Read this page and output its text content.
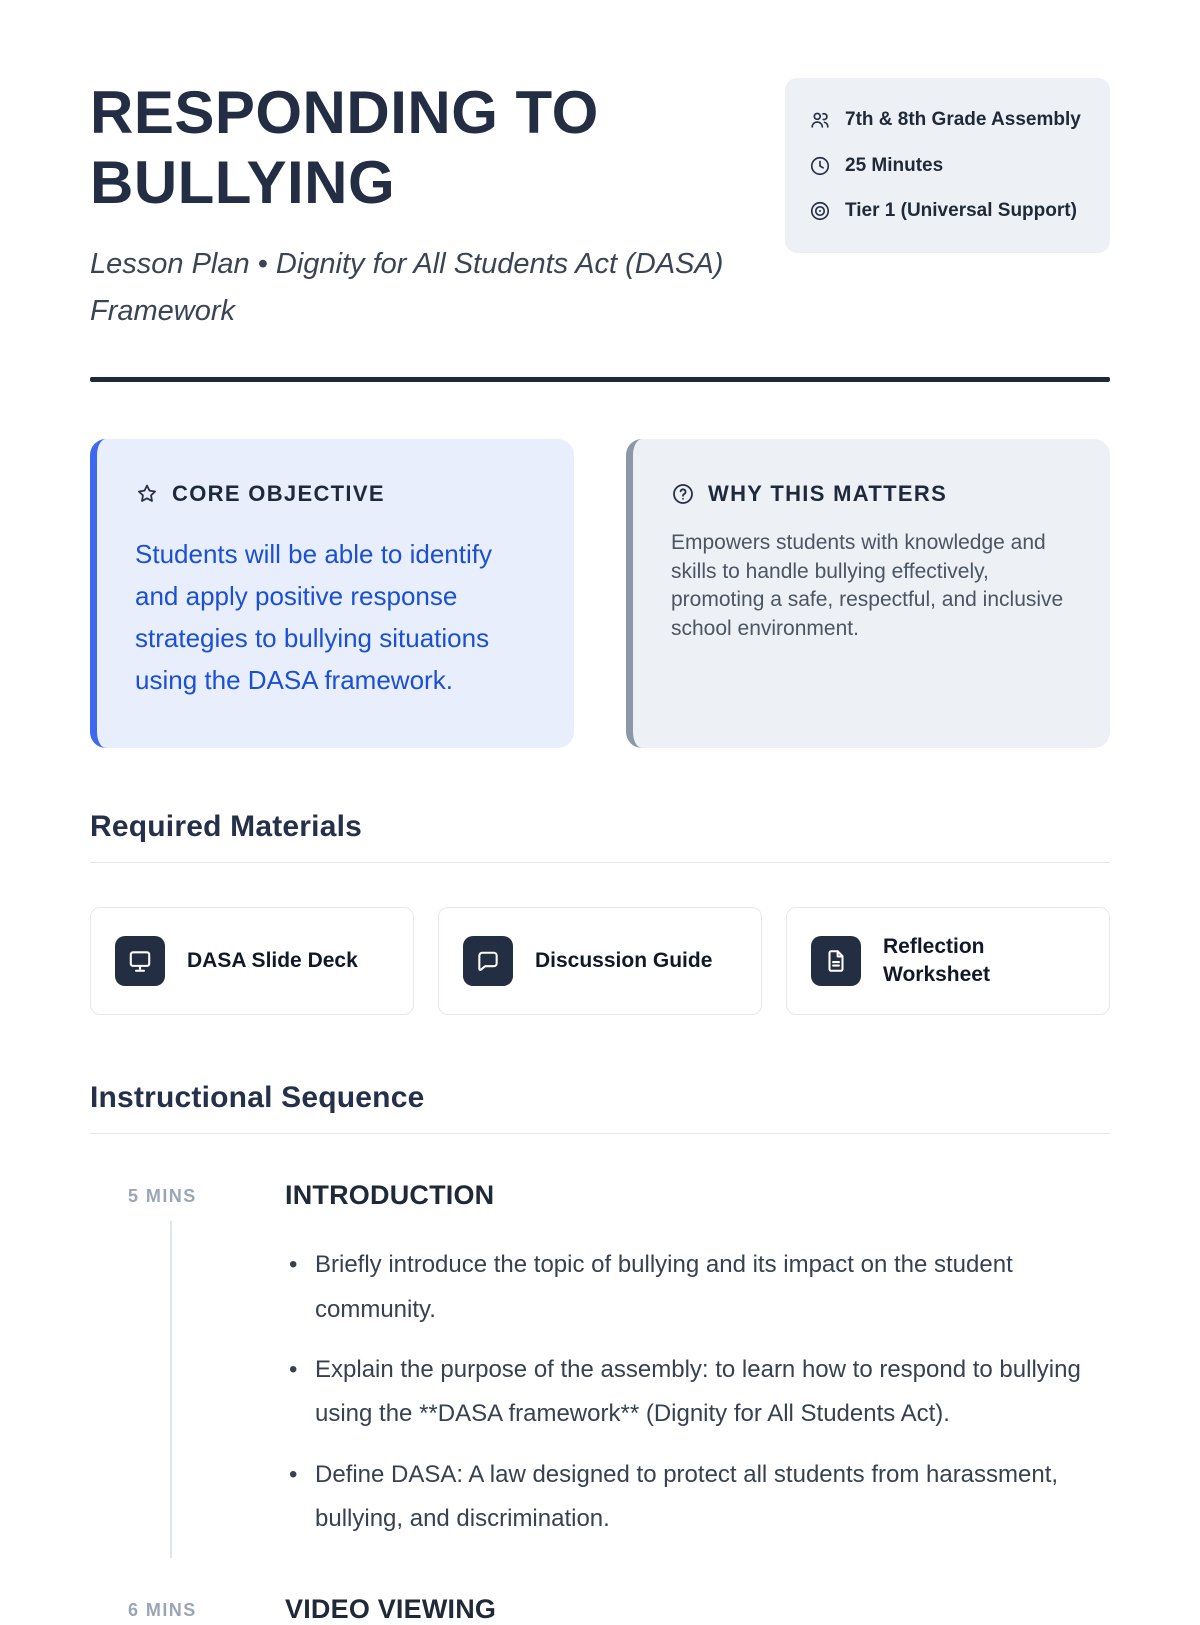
RESPONDING TO BULLYING
Lesson Plan • Dignity for All Students Act (DASA) Framework
7th & 8th Grade Assembly
25 Minutes
Tier 1 (Universal Support)
CORE OBJECTIVE
Students will be able to identify and apply positive response strategies to bullying situations using the DASA framework.
WHY THIS MATTERS
Empowers students with knowledge and skills to handle bullying effectively, promoting a safe, respectful, and inclusive school environment.
Required Materials
DASA Slide Deck	Discussion Guide
Reflection Worksheet
Instructional Sequence
5 MINS	INTRODUCTION
• Briefly introduce the topic of bullying and its impact on the student community.
• Explain the purpose of the assembly: to learn how to respond to bullying using the **DASA framework** (Dignity for All Students Act).
• Define DASA: A law designed to protect all students from harassment, bullying, and discrimination.
6 MINS	VIDEO VIEWING
